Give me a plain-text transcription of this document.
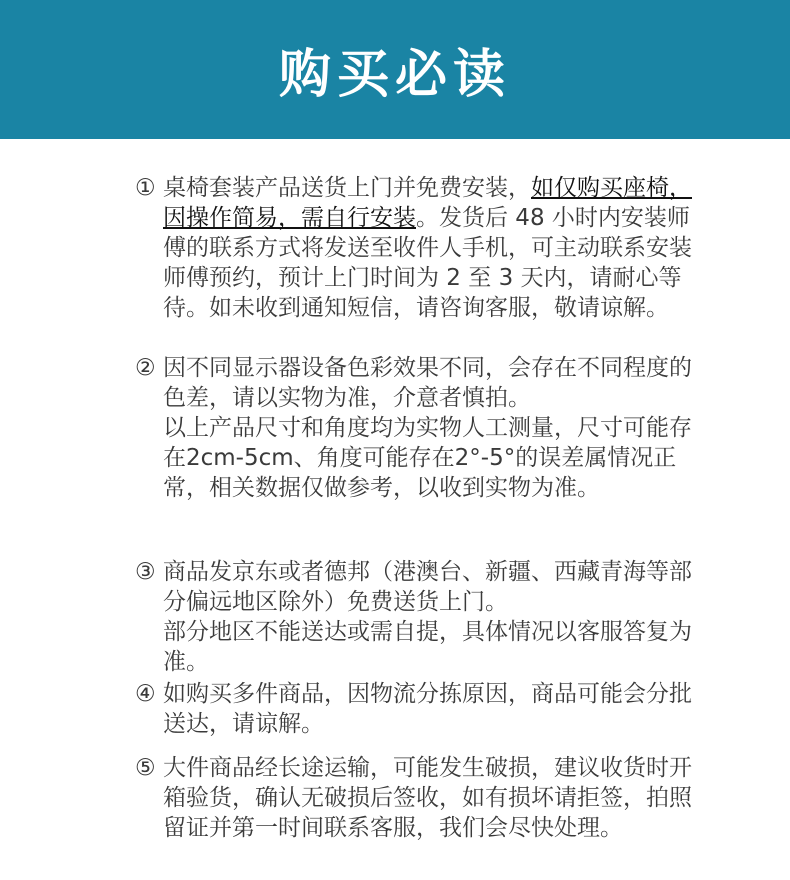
购买必读
① 桌椅套装产品送货上门并免费安装，如仅购买座椅，因操作简易，需自行安装。发货后 48 小时内安装师傅的联系方式将发送至收件人手机，可主动联系安装师傅预约，预计上门时间为 2 至 3 天内，请耐心等待。如未收到通知短信，请咨询客服，敬请谅解。
② 因不同显示器设备色彩效果不同，会存在不同程度的色差，请以实物为准，介意者慎拍。
以上产品尺寸和角度均为实物人工测量，尺寸可能存在2cm-5cm、角度可能存在2°-5°的误差属情况正常，相关数据仅做参考，以收到实物为准。
③ 商品发京东或者德邦（港澳台、新疆、西藏青海等部分偏远地区除外）免费送货上门。
部分地区不能送达或需自提，具体情况以客服答复为准。
④ 如购买多件商品，因物流分拣原因，商品可能会分批送达，请谅解。
⑤ 大件商品经长途运输，可能发生破损，建议收货时开箱验货，确认无破损后签收，如有损坏请拒签，拍照留证并第一时间联系客服，我们会尽快处理。
